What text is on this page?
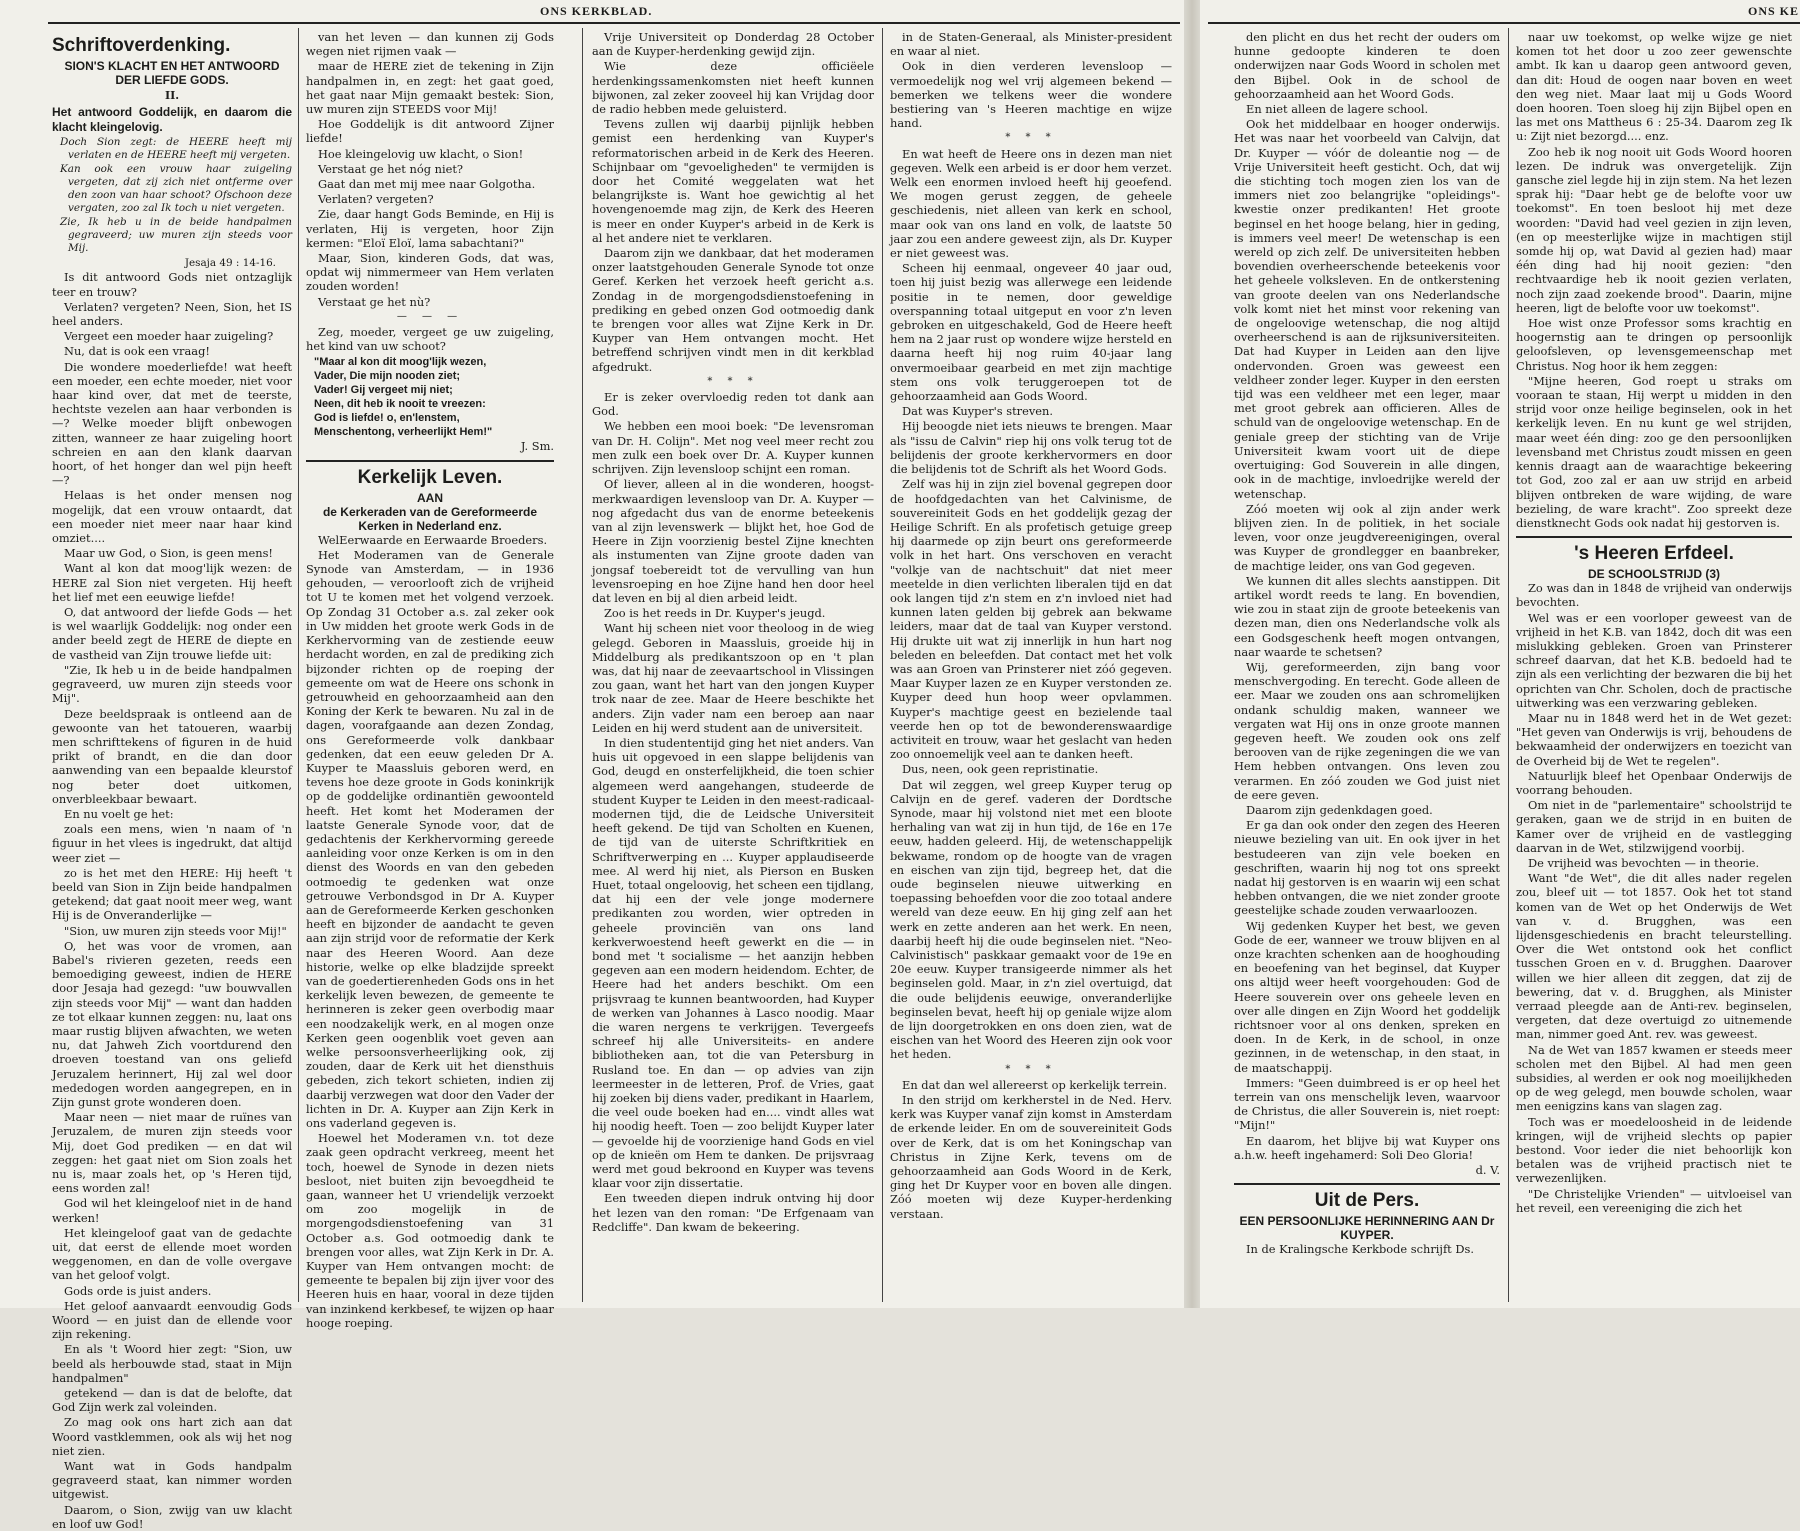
ONS KERKBLAD.
Schriftoverdenking.
SION'S KLACHT EN HET ANTWOORD DER LIEFDE GODS.
II.

Het antwoord Goddelijk, en daarom die klacht kleingelovig.

Doch Sion zegt: de HEERE heeft mij verlaten en de HEERE heeft mij vergeten.

Kan ook een vrouw haar zuigeling vergeten, dat zij zich niet ontferme over den zoon van haar schoot? Ofschoon deze vergaten, zoo zal Ik toch u niet vergeten.

Zie, Ik heb u in de beide handpalmen gegraveerd; uw muren zijn steeds voor Mij.

Jesaja 49 : 14-16.

Is dit antwoord Gods niet ontzaglijk teer en trouw?

Verlaten? vergeten? Neen, Sion, het IS heel anders.

Vergeet een moeder haar zuigeling?

Nu, dat is ook een vraag!

Die wondere moederliefde! wat heeft een moeder, een echte moeder, niet voor haar kind over, dat met de teerste, hechtste vezelen aan haar verbonden is —? Welke moeder blijft onbewogen zitten, wanneer ze haar zuigeling hoort schreien en aan den klank daarvan hoort, of het honger dan wel pijn heeft —?

Helaas is het onder mensen nog mogelijk, dat een vrouw ontaardt, dat een moeder niet meer naar haar kind omziet....

Maar uw God, o Sion, is geen mens!

Want al kon dat moog'lijk wezen: de HERE zal Sion niet vergeten. Hij heeft het lief met een eeuwige liefde!

O, dat antwoord der liefde Gods — het is wel waarlijk Goddelijk: nog onder een ander beeld zegt de HERE de diepte en de vastheid van Zijn trouwe liefde uit:

"Zie, Ik heb u in de beide handpalmen gegraveerd, uw muren zijn steeds voor Mij".

Deze beeldspraak is ontleend aan de gewoonte van het tatoueren, waarbij men schrifttekens of figuren in de huid prikt of brandt, en die dan door aanwending van een bepaalde kleurstof nog beter doet uitkomen, onverbleekbaar bewaart.

En nu voelt ge het:

zoals een mens, wien 'n naam of 'n figuur in het vlees is ingedrukt, dat altijd weer ziet —

zo is het met den HERE: Hij heeft 't beeld van Sion in Zijn beide handpalmen getekend; dat gaat nooit meer weg, want Hij is de Onveranderlijke —

"Sion, uw muren zijn steeds voor Mij!"

O, het was voor de vromen, aan Babel's rivieren gezeten, reeds een bemoediging geweest, indien de HERE door Jesaja had gezegd: "uw bouwvallen zijn steeds voor Mij" — want dan hadden ze tot elkaar kunnen zeggen: nu, laat ons maar rustig blijven afwachten, we weten nu, dat Jahweh Zich voortdurend den droeven toestand van ons geliefd Jeruzalem herinnert, Hij zal wel door mededogen worden aangegrepen, en in Zijn gunst grote wonderen doen.

Maar neen — niet maar de ruïnes van Jeruzalem, de muren zijn steeds voor Mij, doet God prediken — en dat wil zeggen: het gaat niet om Sion zoals het nu is, maar zoals het, op 's Heren tijd, eens worden zal!

God wil het kleingeloof niet in de hand werken!

Het kleingeloof gaat van de gedachte uit, dat eerst de ellende moet worden weggenomen, en dan de volle overgave van het geloof volgt.

Gods orde is juist anders.

Het geloof aanvaardt eenvoudig Gods Woord — en juist dan de ellende voor zijn rekening.

En als 't Woord hier zegt: "Sion, uw beeld als herbouwde stad, staat in Mijn handpalmen"

getekend — dan is dat de belofte, dat God Zijn werk zal voleinden.

Zo mag ook ons hart zich aan dat Woord vastklemmen, ook als wij het nog niet zien.

Want wat in Gods handpalm gegraveerd staat, kan nimmer worden uitgewist.

Daarom, o Sion, zwijg van uw klacht en loof uw God!

van het leven — dan kunnen zij Gods wegen niet rijmen vaak —

maar de HERE ziet de tekening in Zijn handpalmen in, en zegt: het gaat goed, het gaat naar Mijn gemaakt bestek: Sion, uw muren zijn STEEDS voor Mij!

Hoe Goddelijk is dit antwoord Zijner liefde!

Hoe kleingelovig uw klacht, o Sion!

Verstaat ge het nóg niet?

Gaat dan met mij mee naar Golgotha.

Verlaten? vergeten?

Zie, daar hangt Gods Beminde, en Hij is verlaten, Hij is vergeten, hoor Zijn kermen: "Eloï Eloï, lama sabachtani?"

Maar, Sion, kinderen Gods, dat was, opdat wij nimmermeer van Hem verlaten zouden worden!

Verstaat ge het nù?

— — —

Zeg, moeder, vergeet ge uw zuigeling, het kind van uw schoot?

"Maar al kon dit moog'lijk wezen,
Vader, Die mijn nooden ziet;
Vader! Gij vergeet mij niet;
Neen, dit heb ik nooit te vreezen:
God is liefde! o, en'lenstem,
Menschentong, verheerlijkt Hem!"

J. Sm.

Kerkelijk Leven.
AAN
de Kerkeraden van de Gereformeerde Kerken in Nederland enz.

WelEerwaarde en Eerwaarde Broeders.

Het Moderamen van de Generale Synode van Amsterdam, — in 1936 gehouden, — veroorlooft zich de vrijheid tot U te komen met het volgend verzoek. Op Zondag 31 October a.s. zal zeker ook in Uw midden het groote werk Gods in de Kerkhervorming van de zestiende eeuw herdacht worden, en zal de prediking zich bijzonder richten op de roeping der gemeente om wat de Heere ons schonk in getrouwheid en gehoorzaamheid aan den Koning der Kerk te bewaren. Nu zal in de dagen, voorafgaande aan dezen Zondag, ons Gereformeerde volk dankbaar gedenken, dat een eeuw geleden Dr A. Kuyper te Maassluis geboren werd, en tevens hoe deze groote in Gods koninkrijk op de goddelijke ordinantiën gewoonteld heeft. Het komt het Moderamen der laatste Generale Synode voor, dat de gedachtenis der Kerkhervorming gereede aanleiding voor onze Kerken is om in den dienst des Woords en van den gebeden ootmoedig te gedenken wat onze getrouwe Verbondsgod in Dr A. Kuyper aan de Gereformeerde Kerken geschonken heeft en bijzonder de aandacht te geven aan zijn strijd voor de reformatie der Kerk naar des Heeren Woord. Aan deze historie, welke op elke bladzijde spreekt van de goedertierenheden Gods ons in het kerkelijk leven bewezen, de gemeente te herinneren is zeker geen overbodig maar een noodzakelijk werk, en al mogen onze Kerken geen oogenblik voet geven aan welke persoonsverheerlijking ook, zij zouden, daar de Kerk uit het diensthuis gebeden, zich tekort schieten, indien zij daarbij verzwegen wat door den Vader der lichten in Dr. A. Kuyper aan Zijn Kerk in ons vaderland gegeven is.

Hoewel het Moderamen v.n. tot deze zaak geen opdracht verkreeg, meent het toch, hoewel de Synode in dezen niets besloot, niet buiten zijn bevoegdheid te gaan, wanneer het U vriendelijk verzoekt om zoo mogelijk in de morgengodsdienstoefening van 31 October a.s. God ootmoedig dank te brengen voor alles, wat Zijn Kerk in Dr. A. Kuyper van Hem ontvangen mocht: de gemeente te bepalen bij zijn ijver voor des Heeren huis en haar, vooral in deze tijden van inzinkend kerkbesef, te wijzen op haar hooge roeping.

Vrije Universiteit op Donderdag 28 October aan de Kuyper-herdenking gewijd zijn.

Wie deze officiëele herdenkingssamenkomsten niet heeft kunnen bijwonen, zal zeker zooveel hij kan Vrijdag door de radio hebben mede geluisterd.

Tevens zullen wij daarbij pijnlijk hebben gemist een herdenking van Kuyper's reformatorischen arbeid in de Kerk des Heeren. Schijnbaar om "gevoeligheden" te vermijden is door het Comité weggelaten wat het belangrijkste is. Want hoe gewichtig al het hovengenoemde mag zijn, de Kerk des Heeren is meer en onder Kuyper's arbeid in de Kerk is al het andere niet te verklaren.

Daarom zijn we dankbaar, dat het moderamen onzer laatstgehouden Generale Synode tot onze Geref. Kerken het verzoek heeft gericht a.s. Zondag in de morgengodsdienstoefening in prediking en gebed onzen God ootmoedig dank te brengen voor alles wat Zijne Kerk in Dr. Kuyper van Hem ontvangen mocht. Het betreffend schrijven vindt men in dit kerkblad afgedrukt.

* * *

Er is zeker overvloedig reden tot dank aan God.

We hebben een mooi boek: "De levensroman van Dr. H. Colijn". Met nog veel meer recht zou men zulk een boek over Dr. A. Kuyper kunnen schrijven. Zijn levensloop schijnt een roman.

Of liever, alleen al in die wonderen, hoogst-merkwaardigen levensloop van Dr. A. Kuyper — nog afgedacht dus van de enorme beteekenis van al zijn levenswerk — blijkt het, hoe God de Heere in Zijn voorzienig bestel Zijne knechten als instumenten van Zijne groote daden van jongsaf toebereidt tot de vervulling van hun levensroeping en hoe Zijne hand hen door heel dat leven en bij al dien arbeid leidt.

Zoo is het reeds in Dr. Kuyper's jeugd.

Want hij scheen niet voor theoloog in de wieg gelegd. Geboren in Maassluis, groeide hij in Middelburg als predikantszoon op en 't plan was, dat hij naar de zeevaartschool in Vlissingen zou gaan, want het hart van den jongen Kuyper trok naar de zee. Maar de Heere beschikte het anders. Zijn vader nam een beroep aan naar Leiden en hij werd student aan de universiteit.

In dien studententijd ging het niet anders. Van huis uit opgevoed in een slappe belijdenis van God, deugd en onsterfelijkheid, die toen schier algemeen werd aangehangen, studeerde de student Kuyper te Leiden in den meest-radicaal-modernen tijd, die de Leidsche Universiteit heeft gekend. De tijd van Scholten en Kuenen, de tijd van de uiterste Schriftkritiek en Schriftverwerping en ... Kuyper applaudiseerde mee. Al werd hij niet, als Pierson en Busken Huet, totaal ongeloovig, het scheen een tijdlang, dat hij een der vele jonge modernere predikanten zou worden, wier optreden in geheele provinciën van ons land kerkverwoestend heeft gewerkt en die — in bond met 't socialisme — het aanzijn hebben gegeven aan een modern heidendom. Echter, de Heere had het anders beschikt. Om een prijsvraag te kunnen beantwoorden, had Kuyper de werken van Johannes à Lasco noodig. Maar die waren nergens te verkrijgen. Tevergeefs schreef hij alle Universiteits- en andere bibliotheken aan, tot die van Petersburg in Rusland toe. En dan — op advies van zijn leermeester in de letteren, Prof. de Vries, gaat hij zoeken bij diens vader, predikant in Haarlem, die veel oude boeken had en.... vindt alles wat hij noodig heeft. Toen — zoo belijdt Kuyper later — gevoelde hij de voorzienige hand Gods en viel op de knieën om Hem te danken. De prijsvraag werd met goud bekroond en Kuyper was tevens klaar voor zijn dissertatie.

Een tweeden diepen indruk ontving hij door het lezen van den roman: "De Erfgenaam van Redcliffe". Dan kwam de bekeering.

in de Staten-Generaal, als Minister-president en waar al niet.

Ook in dien verderen levensloop — vermoedelijk nog wel vrij algemeen bekend — bemerken we telkens weer die wondere bestiering van 's Heeren machtige en wijze hand.

* * *

En wat heeft de Heere ons in dezen man niet gegeven. Welk een arbeid is er door hem verzet. Welk een enormen invloed heeft hij geoefend. We mogen gerust zeggen, de geheele geschiedenis, niet alleen van kerk en school, maar ook van ons land en volk, de laatste 50 jaar zou een andere geweest zijn, als Dr. Kuyper er niet geweest was.

Scheen hij eenmaal, ongeveer 40 jaar oud, toen hij juist bezig was allerwege een leidende positie in te nemen, door geweldige overspanning totaal uitgeput en voor z'n leven gebroken en uitgeschakeld, God de Heere heeft hem na 2 jaar rust op wondere wijze hersteld en daarna heeft hij nog ruim 40-jaar lang onvermoeibaar gearbeid en met zijn machtige stem ons volk teruggeroepen tot de gehoorzaamheid aan Gods Woord.

Dat was Kuyper's streven.

Hij beoogde niet iets nieuws te brengen. Maar als "issu de Calvin" riep hij ons volk terug tot de belijdenis der groote kerkhervormers en door die belijdenis tot de Schrift als het Woord Gods.

Zelf was hij in zijn ziel bovenal gegrepen door de hoofdgedachten van het Calvinisme, de souvereiniteit Gods en het goddelijk gezag der Heilige Schrift. En als profetisch getuige greep hij daarmede op zijn beurt ons gereformeerde volk in het hart. Ons verschoven en veracht "volkje van de nachtschuit" dat niet meer meetelde in dien verlichten liberalen tijd en dat ook langen tijd z'n stem en z'n invloed niet had kunnen laten gelden bij gebrek aan bekwame leiders, maar dat de taal van Kuyper verstond. Hij drukte uit wat zij innerlijk in hun hart nog beleden en beleefden. Dat contact met het volk was aan Groen van Prinsterer niet zóó gegeven. Maar Kuyper lazen ze en Kuyper verstonden ze. Kuyper deed hun hoop weer opvlammen. Kuyper's machtige geest en bezielende taal veerde hen op tot de bewonderenswaardige activiteit en trouw, waar het geslacht van heden zoo onnoemelijk veel aan te danken heeft.

Dus, neen, ook geen repristinatie.

Dat wil zeggen, wel greep Kuyper terug op Calvijn en de geref. vaderen der Dordtsche Synode, maar hij volstond niet met een bloote herhaling van wat zij in hun tijd, de 16e en 17e eeuw, hadden geleerd. Hij, de wetenschappelijk bekwame, rondom op de hoogte van de vragen en eischen van zijn tijd, begreep het, dat die oude beginselen nieuwe uitwerking en toepassing behoefden voor die zoo totaal andere wereld van deze eeuw. En hij ging zelf aan het werk en zette anderen aan het werk. En neen, daarbij heeft hij die oude beginselen niet. "Neo-Calvinistisch" paskkaar gemaakt voor de 19e en 20e eeuw. Kuyper transigeerde nimmer als het beginselen gold. Maar, in z'n ziel overtuigd, dat die oude belijdenis eeuwige, onveranderlijke beginselen bevat, heeft hij op geniale wijze alom de lijn doorgetrokken en ons doen zien, wat de eischen van het Woord des Heeren zijn ook voor het heden.

* * *

En dat dan wel allereerst op kerkelijk terrein.

In den strijd om kerkherstel in de Ned. Herv. kerk was Kuyper vanaf zijn komst in Amsterdam de erkende leider. En om de souvereiniteit Gods over de Kerk, dat is om het Koningschap van Christus in Zijne Kerk, tevens om de gehoorzaamheid aan Gods Woord in de Kerk, ging het Dr Kuyper voor en boven alle dingen. Zóó moeten wij deze Kuyper-herdenking verstaan.

ONS KE

den plicht en dus het recht der ouders om hunne gedoopte kinderen te doen onderwijzen naar Gods Woord in scholen met den Bijbel. Ook in de school de gehoorzaamheid aan het Woord Gods.

En niet alleen de lagere school.

Ook het middelbaar en hooger onderwijs. Het was naar het voorbeeld van Calvijn, dat Dr. Kuyper — vóór de doleantie nog — de Vrije Universiteit heeft gesticht. Och, dat wij die stichting toch mogen zien los van de immers niet zoo belangrijke "opleidings"-kwestie onzer predikanten! Het groote beginsel en het hooge belang, hier in geding, is immers veel meer! De wetenschap is een wereld op zich zelf. De universiteiten hebben bovendien overheerschende beteekenis voor het geheele volksleven. En de ontkerstening van groote deelen van ons Nederlandsche volk komt niet het minst voor rekening van de ongeloovige wetenschap, die nog altijd overheerschend is aan de rijksuniversiteiten. Dat had Kuyper in Leiden aan den lijve ondervonden. Groen was geweest een veldheer zonder leger. Kuyper in den eersten tijd was een veldheer met een leger, maar met groot gebrek aan officieren. Alles de schuld van de ongeloovige wetenschap. En de geniale greep der stichting van de Vrije Universiteit kwam voort uit de diepe overtuiging: God Souverein in alle dingen, ook in de machtige, invloedrijke wereld der wetenschap.

Zóó moeten wij ook al zijn ander werk blijven zien. In de politiek, in het sociale leven, voor onze jeugdvereenigingen, overal was Kuyper de grondlegger en baanbreker, de machtige leider, ons van God gegeven.

We kunnen dit alles slechts aanstippen. Dit artikel wordt reeds te lang. En bovendien, wie zou in staat zijn de groote beteekenis van dezen man, dien ons Nederlandsche volk als een Godsgeschenk heeft mogen ontvangen, naar waarde te schetsen?

Wij, gereformeerden, zijn bang voor menschvergoding. En terecht. Gode alleen de eer. Maar we zouden ons aan schromelijken ondank schuldig maken, wanneer we vergaten wat Hij ons in onze groote mannen gegeven heeft. We zouden ook ons zelf berooven van de rijke zegeningen die we van Hem hebben ontvangen. Ons leven zou verarmen. En zóó zouden we God juist niet de eere geven.

Daarom zijn gedenkdagen goed.

Er ga dan ook onder den zegen des Heeren nieuwe bezieling van uit. En ook ijver in het bestudeeren van zijn vele boeken en geschriften, waarin hij nog tot ons spreekt nadat hij gestorven is en waarin wij een schat hebben ontvangen, die we niet zonder groote geestelijke schade zouden verwaarloozen.

Wij gedenken Kuyper het best, we geven Gode de eer, wanneer we trouw blijven en al onze krachten schenken aan de hooghouding en beoefening van het beginsel, dat Kuyper ons altijd weer heeft voorgehouden: God de Heere souverein over ons geheele leven en over alle dingen en Zijn Woord het goddelijk richtsnoer voor al ons denken, spreken en doen. In de Kerk, in de school, in onze gezinnen, in de wetenschap, in den staat, in de maatschappij.

Immers: "Geen duimbreed is er op heel het terrein van ons menschelijk leven, waarvoor de Christus, die aller Souverein is, niet roept: "Mijn!"

En daarom, het blijve bij wat Kuyper ons a.h.w. heeft ingehamerd: Soli Deo Gloria!

d. V.

Uit de Pers.
EEN PERSOONLIJKE HERINNERING AAN Dr KUYPER.

In de Kralingsche Kerkbode schrijft Ds.

naar uw toekomst, op welke wijze ge niet komen tot het door u zoo zeer gewenschte ambt. Ik kan u daarop geen antwoord geven, dan dit: Houd de oogen naar boven en weet den weg niet. Maar laat mij u Gods Woord doen hooren. Toen sloeg hij zijn Bijbel open en las met ons Mattheus 6 : 25-34. Daarom zeg Ik u: Zijt niet bezorgd.... enz.

Zoo heb ik nog nooit uit Gods Woord hooren lezen. De indruk was onvergetelijk. Zijn gansche ziel legde hij in zijn stem. Na het lezen sprak hij: "Daar hebt ge de belofte voor uw toekomst". En toen besloot hij met deze woorden: "David had veel gezien in zijn leven, (en op meesterlijke wijze in machtigen stijl somde hij op, wat David al gezien had) maar één ding had hij nooit gezien: "den rechtvaardige heb ik nooit gezien verlaten, noch zijn zaad zoekende brood". Daarin, mijne heeren, ligt de belofte voor uw toekomst".

Hoe wist onze Professor soms krachtig en hoogernstig aan te dringen op persoonlijk geloofsleven, op levensgemeenschap met Christus. Nog hoor ik hem zeggen:

"Mijne heeren, God roept u straks om vooraan te staan, Hij werpt u midden in den strijd voor onze heilige beginselen, ook in het kerkelijk leven. En nu kunt ge wel strijden, maar weet één ding: zoo ge den persoonlijken levensband met Christus zoudt missen en geen kennis draagt aan de waarachtige bekeering tot God, zoo zal er aan uw strijd en arbeid blijven ontbreken de ware wijding, de ware bezieling, de ware kracht". Zoo spreekt deze dienstknecht Gods ook nadat hij gestorven is.

's Heeren Erfdeel.
DE SCHOOLSTRIJD (3)

Zo was dan in 1848 de vrijheid van onderwijs bevochten.

Wel was er een voorloper geweest van de vrijheid in het K.B. van 1842, doch dit was een mislukking gebleken. Groen van Prinsterer schreef daarvan, dat het K.B. bedoeld had te zijn als een verlichting der bezwaren die bij het oprichten van Chr. Scholen, doch de practische uitwerking was een verzwaring gebleken.

Maar nu in 1848 werd het in de Wet gezet: "Het geven van Onderwijs is vrij, behoudens de bekwaamheid der onderwijzers en toezicht van de Overheid bij de Wet te regelen".

Natuurlijk bleef het Openbaar Onderwijs de voorrang behouden.

Om niet in de "parlementaire" schoolstrijd te geraken, gaan we de strijd in en buiten de Kamer over de vrijheid en de vastlegging daarvan in de Wet, stilzwijgend voorbij.

De vrijheid was bevochten — in theorie.

Want "de Wet", die dit alles nader regelen zou, bleef uit — tot 1857. Ook het tot stand komen van de Wet op het Onderwijs de Wet van v. d. Brugghen, was een lijdensgeschiedenis en bracht teleurstelling. Over die Wet ontstond ook het conflict tusschen Groen en v. d. Brugghen. Daarover willen we hier alleen dit zeggen, dat zij de bewering, dat v. d. Brugghen, als Minister verraad pleegde aan de Anti-rev. beginselen, vergeten, dat deze overtuigd zo uitnemende man, nimmer goed Ant. rev. was geweest.

Na de Wet van 1857 kwamen er steeds meer scholen met den Bijbel. Al had men geen subsidies, al werden er ook nog moeilijkheden op de weg gelegd, men bouwde scholen, waar men eenigzins kans van slagen zag.

Toch was er moedeloosheid in de leidende kringen, wijl de vrijheid slechts op papier bestond. Voor ieder die niet behoorlijk kon betalen was de vrijheid practisch niet te verwezenlijken.

"De Christelijke Vrienden" — uitvloeisel van het reveil, een vereeniging die zich het
